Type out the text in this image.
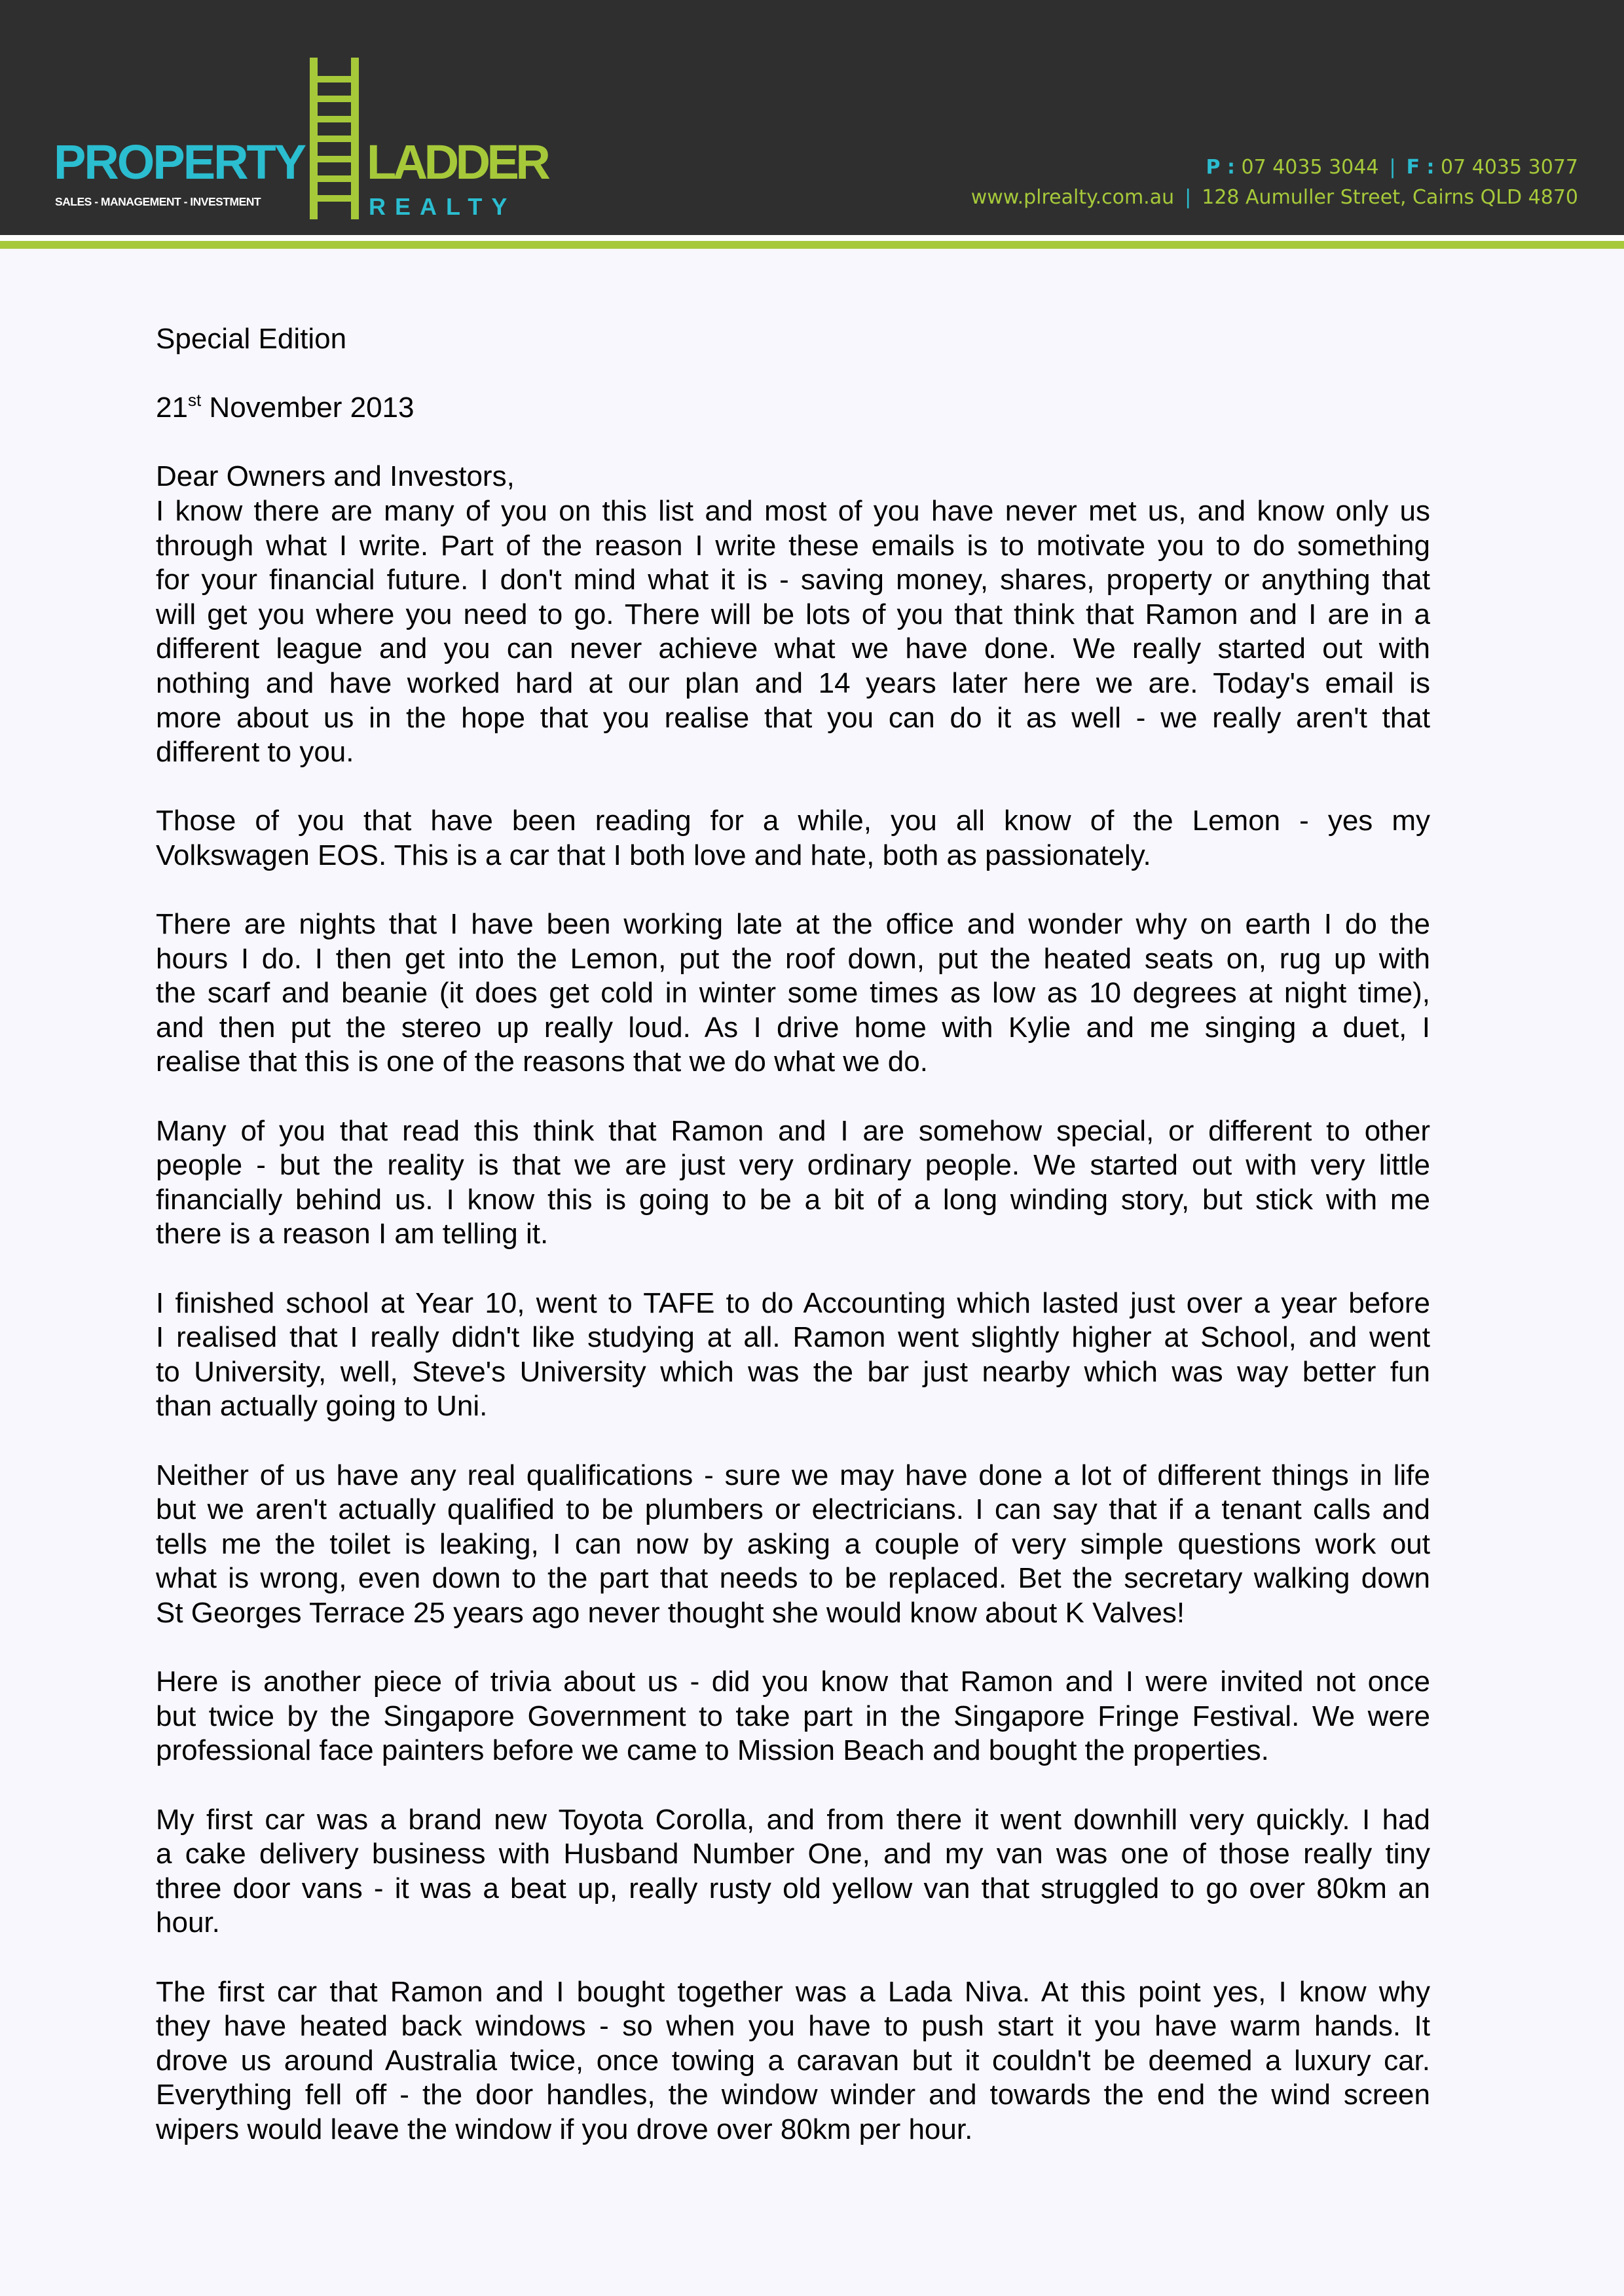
PROPERTY
SALES - MANAGEMENT - INVESTMENT
LADDER
REALTY
P : 07 4035 3044 | F : 07 4035 3077
www.plrealty.com.au | 128 Aumuller Street, Cairns QLD 4870
Special Edition
21st November 2013
Dear Owners and Investors,
I know there are many of you on this list and most of you have never met us, and know only us
through what I write. Part of the reason I write these emails is to motivate you to do something
for your financial future. I don't mind what it is - saving money, shares, property or anything that
will get you where you need to go. There will be lots of you that think that Ramon and I are in a
different league and you can never achieve what we have done. We really started out with
nothing and have worked hard at our plan and 14 years later here we are. Today's email is
more about us in the hope that you realise that you can do it as well - we really aren't that
different to you.
Those of you that have been reading for a while, you all know of the Lemon - yes my
Volkswagen EOS. This is a car that I both love and hate, both as passionately.
There are nights that I have been working late at the office and wonder why on earth I do the
hours I do. I then get into the Lemon, put the roof down, put the heated seats on, rug up with
the scarf and beanie (it does get cold in winter some times as low as 10 degrees at night time),
and then put the stereo up really loud. As I drive home with Kylie and me singing a duet, I
realise that this is one of the reasons that we do what we do.
Many of you that read this think that Ramon and I are somehow special, or different to other
people - but the reality is that we are just very ordinary people. We started out with very little
financially behind us. I know this is going to be a bit of a long winding story, but stick with me
there is a reason I am telling it.
I finished school at Year 10, went to TAFE to do Accounting which lasted just over a year before
I realised that I really didn't like studying at all. Ramon went slightly higher at School, and went
to University, well, Steve's University which was the bar just nearby which was way better fun
than actually going to Uni.
Neither of us have any real qualifications - sure we may have done a lot of different things in life
but we aren't actually qualified to be plumbers or electricians. I can say that if a tenant calls and
tells me the toilet is leaking, I can now by asking a couple of very simple questions work out
what is wrong, even down to the part that needs to be replaced. Bet the secretary walking down
St Georges Terrace 25 years ago never thought she would know about K Valves!
Here is another piece of trivia about us - did you know that Ramon and I were invited not once
but twice by the Singapore Government to take part in the Singapore Fringe Festival. We were
professional face painters before we came to Mission Beach and bought the properties.
My first car was a brand new Toyota Corolla, and from there it went downhill very quickly. I had
a cake delivery business with Husband Number One, and my van was one of those really tiny
three door vans - it was a beat up, really rusty old yellow van that struggled to go over 80km an
hour.
The first car that Ramon and I bought together was a Lada Niva. At this point yes, I know why
they have heated back windows - so when you have to push start it you have warm hands. It
drove us around Australia twice, once towing a caravan but it couldn't be deemed a luxury car.
Everything fell off - the door handles, the window winder and towards the end the wind screen
wipers would leave the window if you drove over 80km per hour.
